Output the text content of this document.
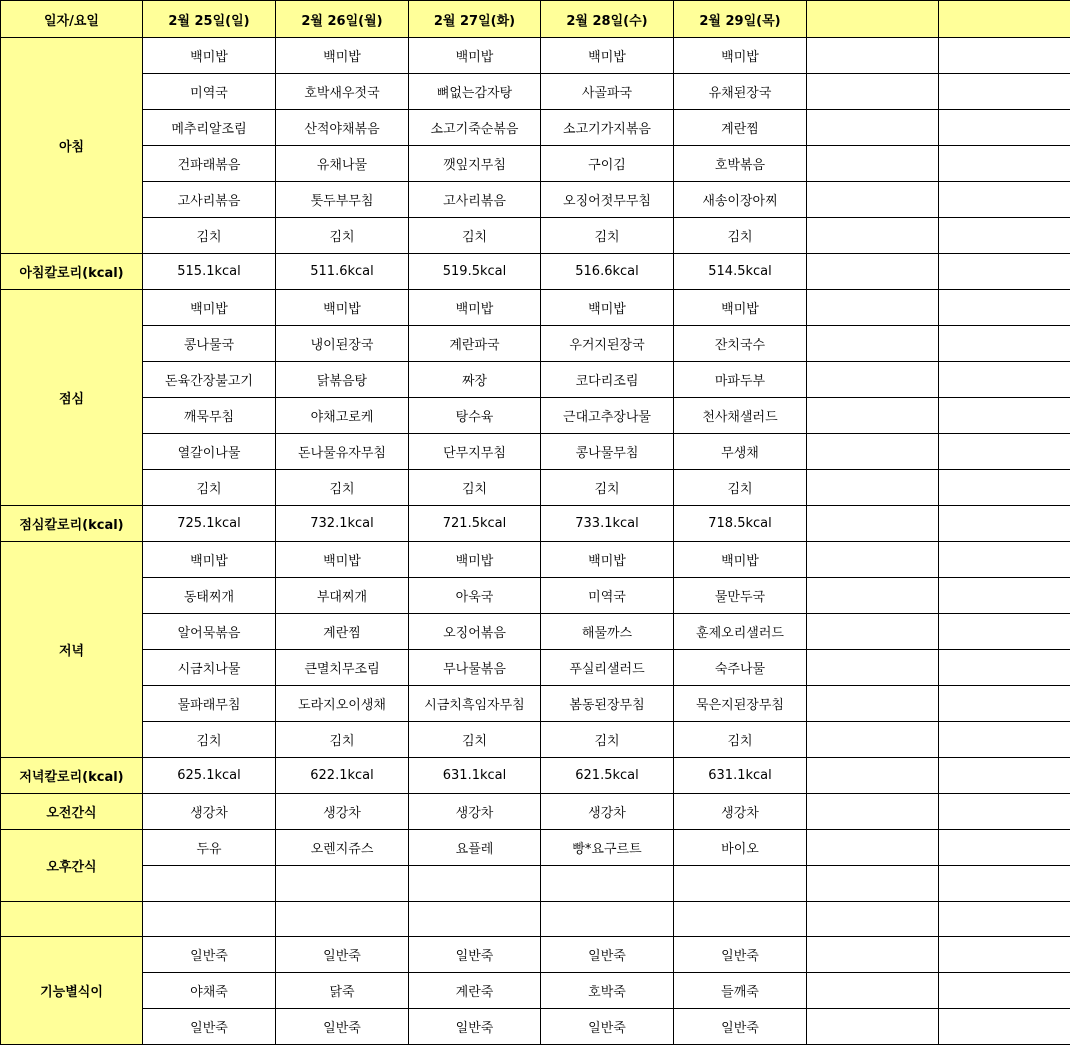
일자/요일	2월 25일(일)	2월 26일(월)	2월 27일(화)	2월 28일(수)	2월 29일(목)		
아침	백미밥	백미밥	백미밥	백미밥	백미밥		
	미역국	호박새우젓국	뼈없는감자탕	사골파국	유채된장국		
	메추리알조림	산적야채볶음	소고기죽순볶음	소고기가지볶음	계란찜		
	건파래볶음	유채나물	깻잎지무침	구이김	호박볶음		
	고사리볶음	톳두부무침	고사리볶음	오징어젓무무침	새송이장아찌		
	김치	김치	김치	김치	김치		
아침칼로리(kcal)	515.1kcal	511.6kcal	519.5kcal	516.6kcal	514.5kcal		
점심	백미밥	백미밥	백미밥	백미밥	백미밥		
	콩나물국	냉이된장국	계란파국	우거지된장국	잔치국수		
	돈육간장불고기	닭볶음탕	짜장	코다리조림	마파두부		
	깨묵무침	야채고로케	탕수육	근대고추장나물	천사채샐러드		
	열갈이나물	돈나물유자무침	단무지무침	콩나물무침	무생채		
	김치	김치	김치	김치	김치		
점심칼로리(kcal)	725.1kcal	732.1kcal	721.5kcal	733.1kcal	718.5kcal		
저녁	백미밥	백미밥	백미밥	백미밥	백미밥		
	동태찌개	부대찌개	아욱국	미역국	물만두국		
	알어묵볶음	계란찜	오징어볶음	해물까스	훈제오리샐러드		
	시금치나물	큰멸치무조림	무나물볶음	푸실리샐러드	숙주나물		
	물파래무침	도라지오이생채	시금치흑임자무침	봄동된장무침	묵은지된장무침		
	김치	김치	김치	김치	김치		
저녁칼로리(kcal)	625.1kcal	622.1kcal	631.1kcal	621.5kcal	631.1kcal		
오전간식	생강차	생강차	생강차	생강차	생강차		
오후간식	두유	오렌지쥬스	요플레	빵*요구르트	바이오		

기능별식이	일반죽	일반죽	일반죽	일반죽	일반죽		
	야채죽	닭죽	계란죽	호박죽	들깨죽		
	일반죽	일반죽	일반죽	일반죽	일반죽		
